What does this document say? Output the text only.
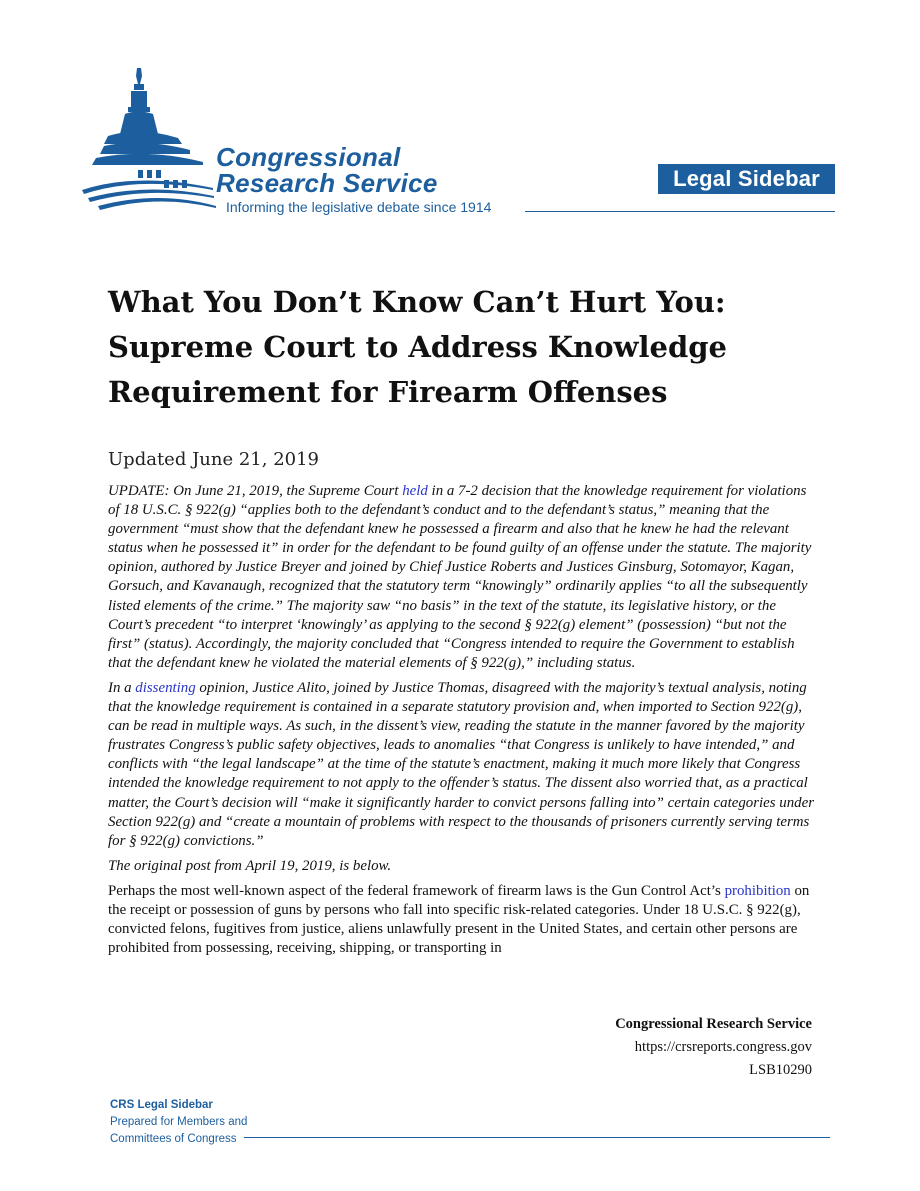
Congressional
Research Service
Informing the legislative debate since 1914
Legal Sidebar
What You Don’t Know Can’t Hurt You:
Supreme Court to Address Knowledge
Requirement for Firearm Offenses
Updated June 21, 2019

UPDATE: On June 21, 2019, the Supreme Court held in a 7-2 decision that the knowledge requirement for violations of 18 U.S.C. § 922(g) “applies both to the defendant’s conduct and to the defendant’s status,” meaning that the government “must show that the defendant knew he possessed a firearm and also that he knew he had the relevant status when he possessed it” in order for the defendant to be found guilty of an offense under the statute. The majority opinion, authored by Justice Breyer and joined by Chief Justice Roberts and Justices Ginsburg, Sotomayor, Kagan, Gorsuch, and Kavanaugh, recognized that the statutory term “knowingly” ordinarily applies “to all the subsequently listed elements of the crime.” The majority saw “no basis” in the text of the statute, its legislative history, or the Court’s precedent “to interpret ‘knowingly’ as applying to the second § 922(g) element” (possession) “but not the first” (status). Accordingly, the majority concluded that “Congress intended to require the Government to establish that the defendant knew he violated the material elements of § 922(g),” including status.

In a dissenting opinion, Justice Alito, joined by Justice Thomas, disagreed with the majority’s textual analysis, noting that the knowledge requirement is contained in a separate statutory provision and, when imported to Section 922(g), can be read in multiple ways. As such, in the dissent’s view, reading the statute in the manner favored by the majority frustrates Congress’s public safety objectives, leads to anomalies “that Congress is unlikely to have intended,” and conflicts with “the legal landscape” at the time of the statute’s enactment, making it much more likely that Congress intended the knowledge requirement to not apply to the offender’s status. The dissent also worried that, as a practical matter, the Court’s decision will “make it significantly harder to convict persons falling into” certain categories under Section 922(g) and “create a mountain of problems with respect to the thousands of prisoners currently serving terms for § 922(g) convictions.”

The original post from April 19, 2019, is below.

Perhaps the most well-known aspect of the federal framework of firearm laws is the Gun Control Act’s prohibition on the receipt or possession of guns by persons who fall into specific risk-related categories. Under 18 U.S.C. § 922(g), convicted felons, fugitives from justice, aliens unlawfully present in the United States, and certain other persons are prohibited from possessing, receiving, shipping, or transporting in

Congressional Research Service
https://crsreports.congress.gov
LSB10290
CRS Legal Sidebar
Prepared for Members and
Committees of Congress
